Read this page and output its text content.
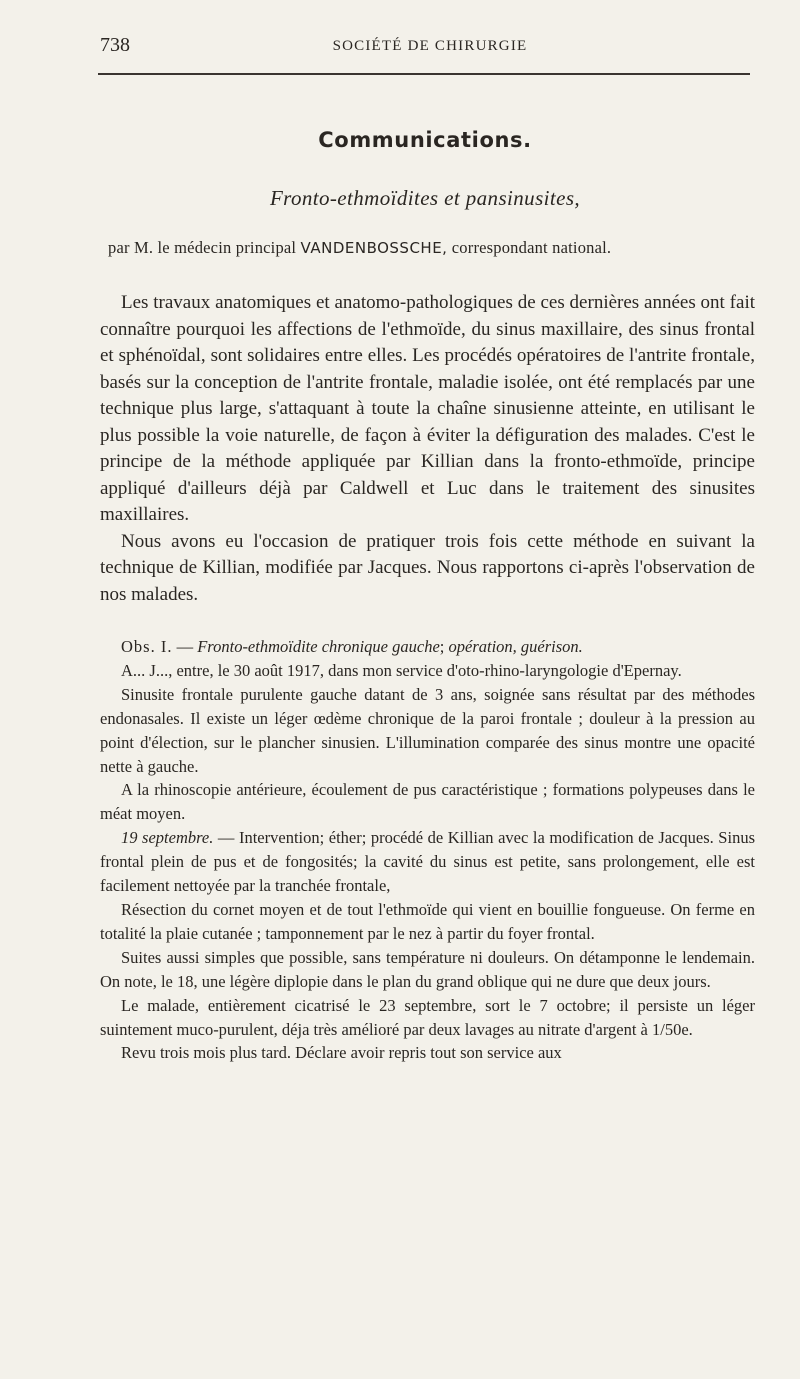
738	SOCIÉTÉ DE CHIRURGIE
Communications.
Fronto-ethmoïdites et pansinusites,
par M. le médecin principal VANDENBOSSCHE, correspondant national.

Les travaux anatomiques et anatomo-pathologiques de ces dernières années ont fait connaître pourquoi les affections de l'ethmoïde, du sinus maxillaire, des sinus frontal et sphénoïdal, sont solidaires entre elles. Les procédés opératoires de l'antrite frontale, basés sur la conception de l'antrite frontale, maladie isolée, ont été remplacés par une technique plus large, s'attaquant à toute la chaîne sinusienne atteinte, en utilisant le plus possible la voie naturelle, de façon à éviter la défiguration des malades. C'est le principe de la méthode appliquée par Killian dans la fronto-ethmoïde, principe appliqué d'ailleurs déjà par Caldwell et Luc dans le traitement des sinusites maxillaires.

Nous avons eu l'occasion de pratiquer trois fois cette méthode en suivant la technique de Killian, modifiée par Jacques. Nous rapportons ci-après l'observation de nos malades.

Obs. I. — Fronto-ethmoïdite chronique gauche; opération, guérison.

A... J..., entre, le 30 août 1917, dans mon service d'oto-rhino-laryngologie d'Epernay.

Sinusite frontale purulente gauche datant de 3 ans, soignée sans résultat par des méthodes endonasales. Il existe un léger œdème chronique de la paroi frontale ; douleur à la pression au point d'élection, sur le plancher sinusien. L'illumination comparée des sinus montre une opacité nette à gauche.

A la rhinoscopie antérieure, écoulement de pus caractéristique ; formations polypeuses dans le méat moyen.

19 septembre. — Intervention; éther; procédé de Killian avec la modification de Jacques. Sinus frontal plein de pus et de fongosités; la cavité du sinus est petite, sans prolongement, elle est facilement nettoyée par la tranchée frontale,

Résection du cornet moyen et de tout l'ethmoïde qui vient en bouillie fongueuse. On ferme en totalité la plaie cutanée ; tamponnement par le nez à partir du foyer frontal.

Suites aussi simples que possible, sans température ni douleurs. On détamponne le lendemain. On note, le 18, une légère diplopie dans le plan du grand oblique qui ne dure que deux jours.

Le malade, entièrement cicatrisé le 23 septembre, sort le 7 octobre; il persiste un léger suintement muco-purulent, déja très amélioré par deux lavages au nitrate d'argent à 1/50e.

Revu trois mois plus tard. Déclare avoir repris tout son service aux
